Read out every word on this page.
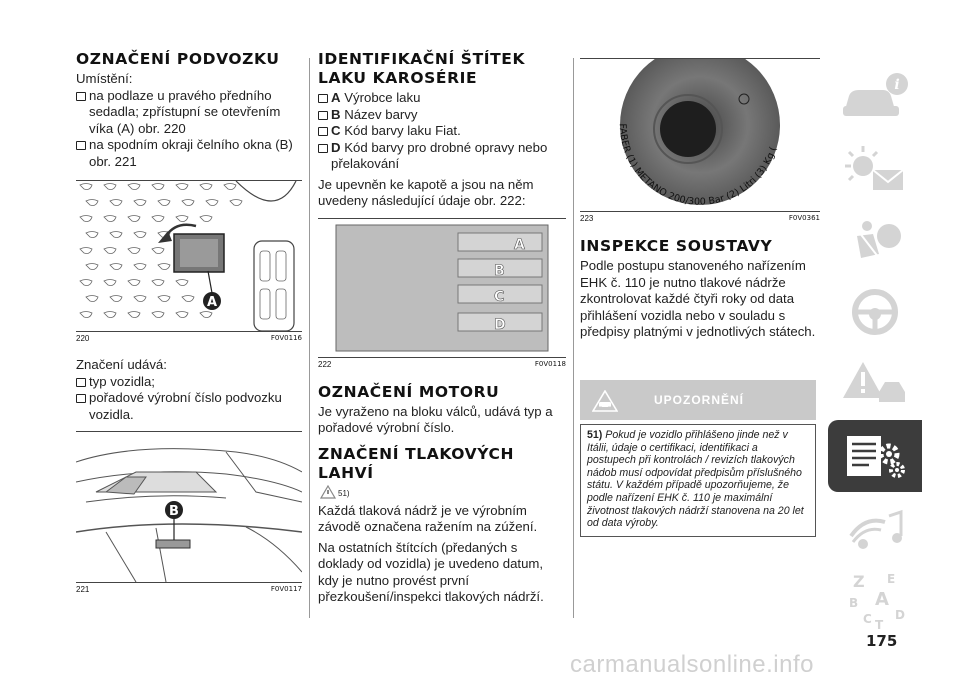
OZNAČENÍ PODVOZKU

Umístění:

na podlaze u pravého předního sedadla; zpřístupní se otevřením víka (A) obr. 220
na spodním okraji čelního okna (B) obr. 221
A
220	F0V0116

Značení udává:

typ vozidla;
pořadové výrobní číslo podvozku vozidla.
B
221	F0V0117
IDENTIFIKAČNÍ ŠTÍTEK LAKU KAROSÉRIE
A Výrobce laku
B Název barvy
C Kód barvy laku Fiat.
D Kód barvy pro drobné opravy nebo přelakování

Je upevněn ke kapotě a jsou na něm uvedeny následující údaje obr. 222:

A
B
C
D
222	F0V0118
OZNAČENÍ MOTORU

Je vyraženo na bloku válců, udává typ a pořadové výrobní číslo.

ZNAČENÍ TLAKOVÝCH LAHVÍ
51)

Každá tlaková nádrž je ve výrobním závodě označena ražením na zúžení.

Na ostatních štítcích (předaných s doklady od vozidla) je uvedeno datum, kdy je nutno provést první přezkoušení/inspekci tlakových nádrží.

FABER (1) METANO 200/300 Bar (2) Litri (3) Kg (
223	F0V0361
INSPEKCE SOUSTAVY

Podle postupu stanoveného nařízením EHK č. 110 je nutno tlakové nádrže zkontrolovat každé čtyři roky od data přihlášení vozidla nebo v souladu s předpisy platnými v jednotlivých státech.

UPOZORNĚNÍ

51) Pokud je vozidlo přihlášeno jinde než v Itálii, údaje o certifikaci, identifikaci a postupech při kontrolách / revizích tlakových nádob musí odpovídat předpisům příslušného státu. V každém případě upozorňujeme, že podle nařízení EHK č. 110 je maximální životnost tlakových nádrží stanovena na 20 let od data výroby.

i
Z E
B A
C T
D
175
carmanualsonline.info
